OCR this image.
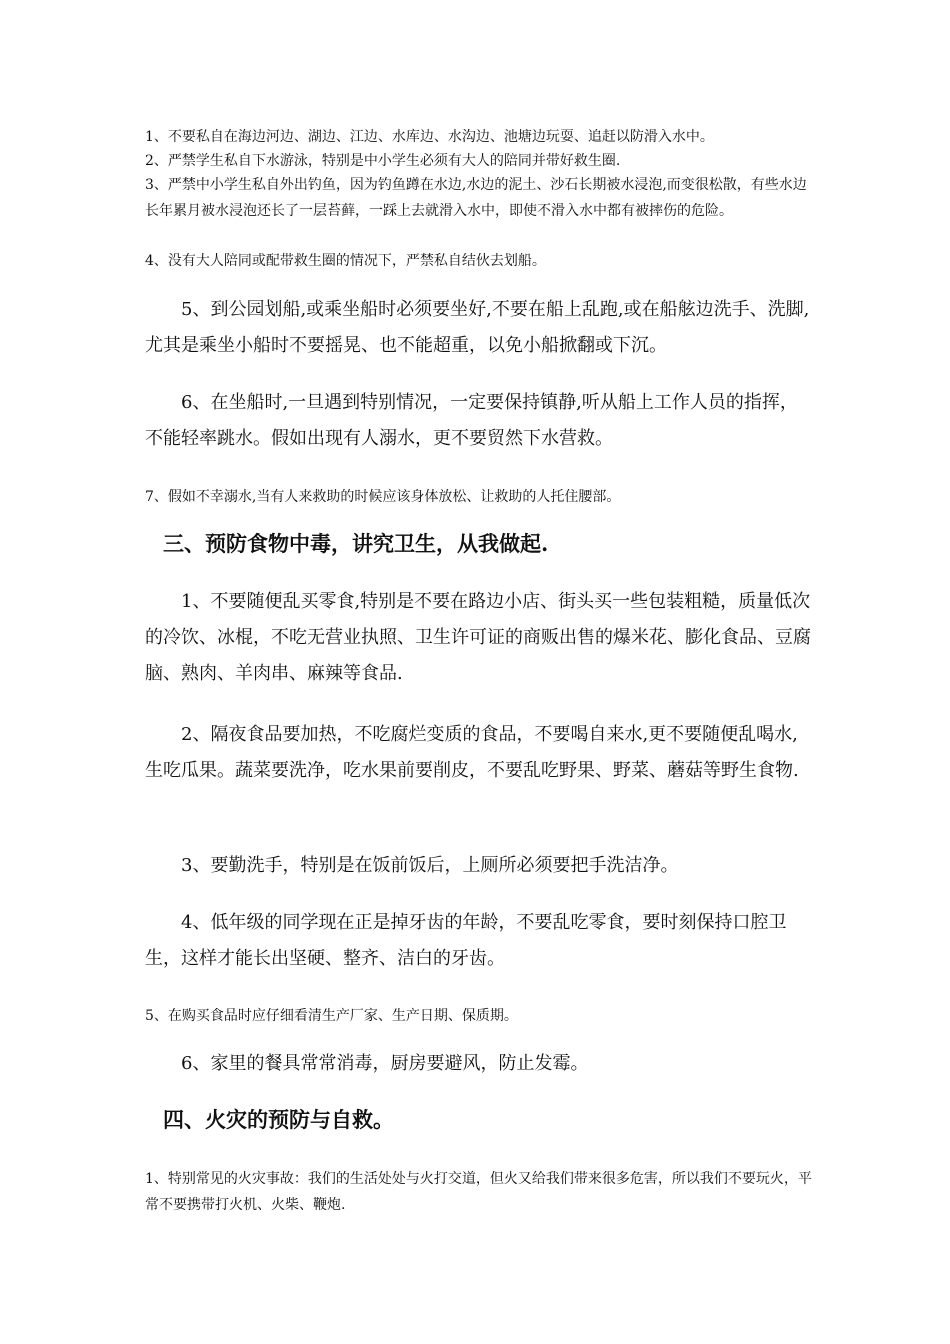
1、不要私自在海边河边、湖边、江边、水库边、水沟边、池塘边玩耍、追赶以防滑入水中。
2、严禁学生私自下水游泳，特别是中小学生必须有大人的陪同并带好救生圈.
3、严禁中小学生私自外出钓鱼，因为钓鱼蹲在水边,水边的泥土、沙石长期被水浸泡,而变很松散，有些水边长年累月被水浸泡还长了一层苔藓，一踩上去就滑入水中，即使不滑入水中都有被摔伤的危险。
4、没有大人陪同或配带救生圈的情况下，严禁私自结伙去划船。
5、到公园划船,或乘坐船时必须要坐好,不要在船上乱跑,或在船舷边洗手、洗脚,尤其是乘坐小船时不要摇晃、也不能超重，以免小船掀翻或下沉。
6、在坐船时,一旦遇到特别情况，一定要保持镇静,听从船上工作人员的指挥，不能轻率跳水。假如出现有人溺水，更不要贸然下水营救。
7、假如不幸溺水,当有人来救助的时候应该身体放松、让救助的人托住腰部。
三、预防食物中毒，讲究卫生，从我做起.
1、不要随便乱买零食,特别是不要在路边小店、街头买一些包装粗糙，质量低次的冷饮、冰棍，不吃无营业执照、卫生许可证的商贩出售的爆米花、膨化食品、豆腐脑、熟肉、羊肉串、麻辣等食品.
2、隔夜食品要加热，不吃腐烂变质的食品，不要喝自来水,更不要随便乱喝水,生吃瓜果。蔬菜要洗净，吃水果前要削皮，不要乱吃野果、野菜、蘑菇等野生食物.
3、要勤洗手，特别是在饭前饭后，上厕所必须要把手洗洁净。
4、低年级的同学现在正是掉牙齿的年龄，不要乱吃零食，要时刻保持口腔卫生，这样才能长出坚硬、整齐、洁白的牙齿。
5、在购买食品时应仔细看清生产厂家、生产日期、保质期。
6、家里的餐具常常消毒，厨房要避风，防止发霉。
四、火灾的预防与自救。
1、特别常见的火灾事故：我们的生活处处与火打交道，但火又给我们带来很多危害，所以我们不要玩火，平常不要携带打火机、火柴、鞭炮.
